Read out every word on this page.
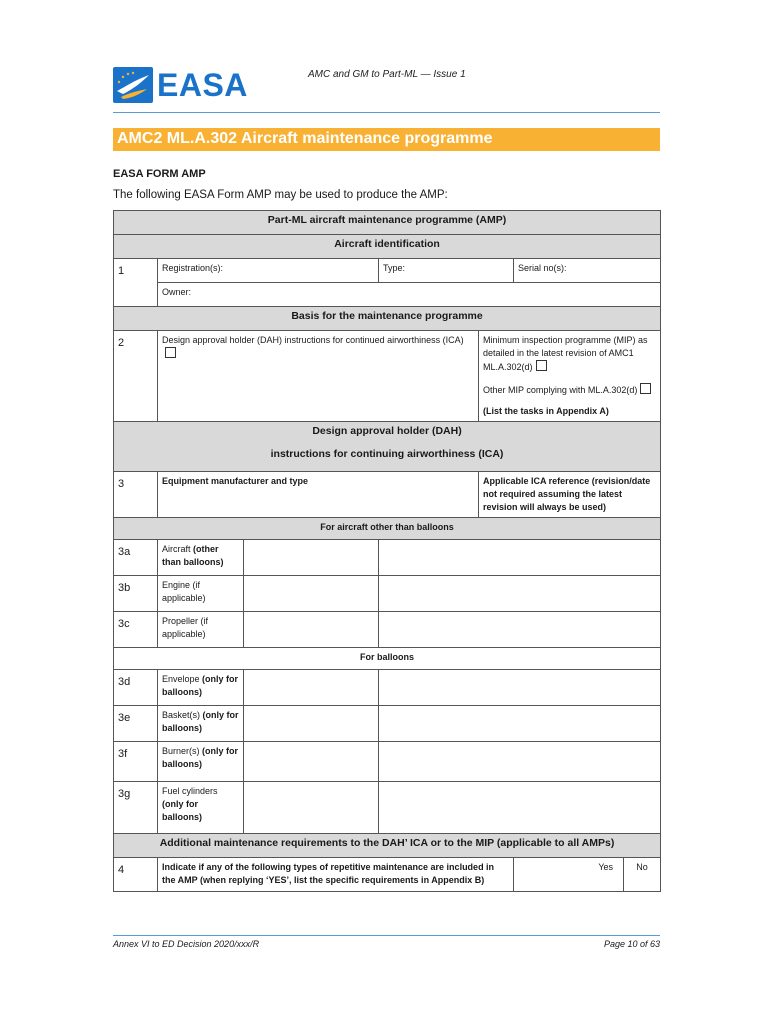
EASA	AMC and GM to Part-ML — Issue 1
AMC2 ML.A.302 Aircraft maintenance programme
EASA FORM AMP
The following EASA Form AMP may be used to produce the AMP:
Part-ML aircraft maintenance programme (AMP)						
Aircraft identification						
1	Registration(s):		Type:		Serial no(s):	
	Owner:					
Basis for the maintenance programme						
2	Design approval holder (DAH) instructions for continued airworthiness (ICA)			Minimum inspection programme (MIP) as detailed in the latest revision of AMC1 ML.A.302(d)
Other MIP complying with ML.A.302(d)
(List the tasks in Appendix A)		

Design approval holder (DAH)
instructions for continuing airworthiness (ICA)						

3	Equipment manufacturer and type			Applicable ICA reference (revision/date not required assuming the latest revision will always be used)		
For aircraft other than balloons						
3a	Aircraft (other than balloons)					
3b	Engine (if applicable)					
3c	Propeller (if applicable)					
For balloons						
3d	Envelope (only for balloons)					
3e	Basket(s) (only for balloons)					
3f	Burner(s) (only for balloons)					
3g	Fuel cylinders (only for balloons)					
Additional maintenance requirements to the DAH’ ICA or to the MIP (applicable to all AMPs)						
4	Indicate if any of the following types of repetitive maintenance are included in the AMP (when replying ‘YES’, list the specific requirements in Appendix B)				Yes	No
Annex VI to ED Decision 2020/xxx/R	Page 10 of 63
